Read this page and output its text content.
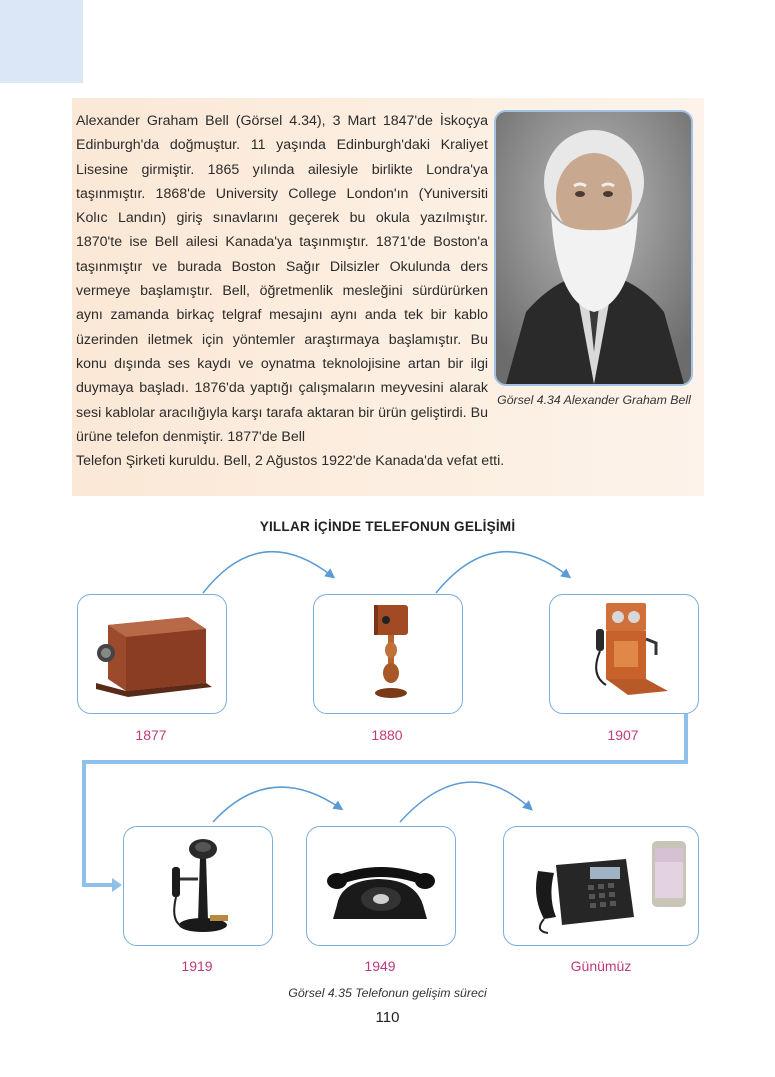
Alexander Graham Bell (Görsel 4.34), 3 Mart 1847'de İskoçya Edinburgh'da doğmuştur. 11 yaşında Edinburgh'daki Kraliyet Lisesine girmiştir. 1865 yılında ailesiyle birlikte Londra'ya taşınmıştır. 1868'de University College London'ın (Yuniversiti Kolıc Landın) giriş sınavlarını geçerek bu okula yazılmıştır. 1870'te ise Bell ailesi Kanada'ya taşınmıştır. 1871'de Boston'a taşınmıştır ve burada Boston Sağır Dilsizler Okulunda ders vermeye başlamıştır. Bell, öğretmenlik mesleğini sürdürürken aynı zamanda birkaç telgraf mesajını aynı anda tek bir kablo üzerinden iletmek için yöntemler araştırmaya başlamıştır. Bu konu dışında ses kaydı ve oynatma teknolojisine artan bir ilgi duymaya başladı. 1876'da yaptığı çalışmaların meyvesini alarak sesi kablolar aracılığıyla karşı tarafa aktaran bir ürün geliştirdi. Bu ürüne telefon denmiştir. 1877'de Bell
Telefon Şirketi kuruldu. Bell, 2 Ağustos 1922'de Kanada'da vefat etti.

Görsel 4.34 Alexander Graham Bell
YILLAR İÇİNDE TELEFONUN GELİŞİMİ
1877	1880	1907
1919	1949	Günümüz
Görsel 4.35 Telefonun gelişim süreci
110
